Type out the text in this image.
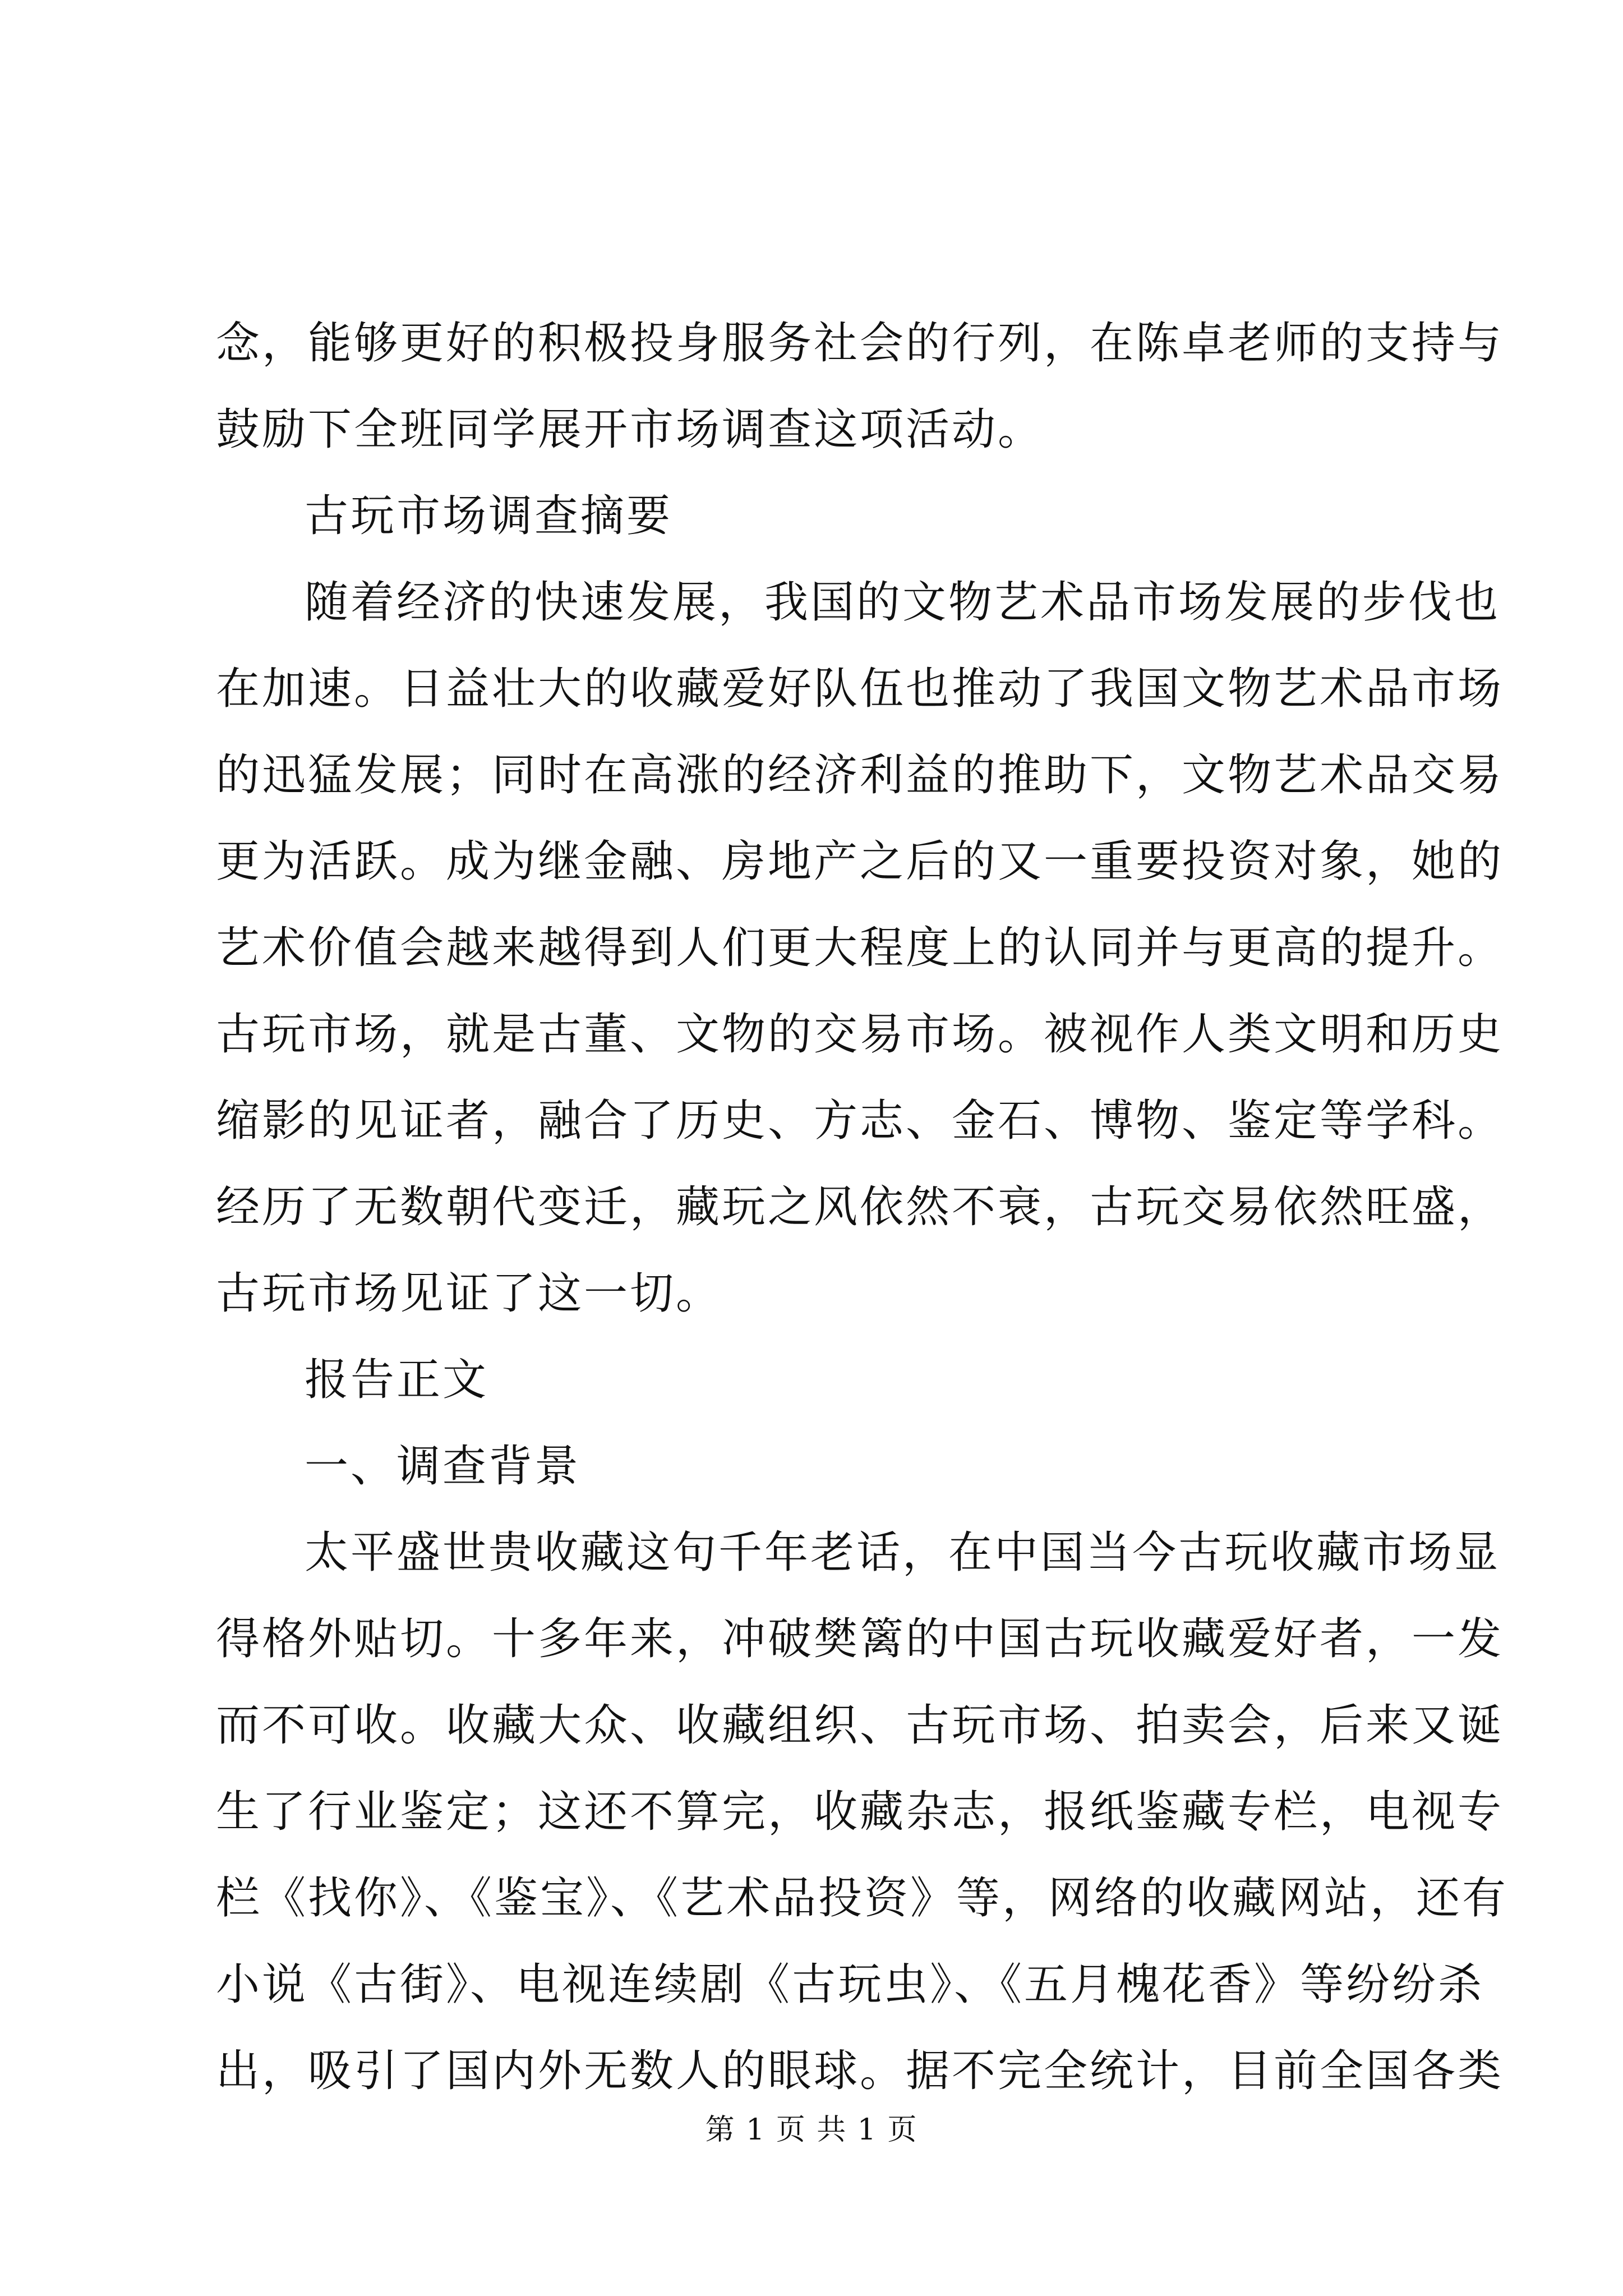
念，能够更好的积极投身服务社会的行列，在陈卓老师的支持与
鼓励下全班同学展开市场调查这项活动。
古玩市场调查摘要
随着经济的快速发展，我国的文物艺术品市场发展的步伐也
在加速。日益壮大的收藏爱好队伍也推动了我国文物艺术品市场
的迅猛发展；同时在高涨的经济利益的推助下，文物艺术品交易
更为活跃。成为继金融、房地产之后的又一重要投资对象，她的
艺术价值会越来越得到人们更大程度上的认同并与更高的提升。
古玩市场，就是古董、文物的交易市场。被视作人类文明和历史
缩影的见证者，融合了历史、方志、金石、博物、鉴定等学科。
经历了无数朝代变迁，藏玩之风依然不衰，古玩交易依然旺盛，
古玩市场见证了这一切。
报告正文
一、调查背景
太平盛世贵收藏这句千年老话，在中国当今古玩收藏市场显
得格外贴切。十多年来，冲破樊篱的中国古玩收藏爱好者，一发
而不可收。收藏大众、收藏组织、古玩市场、拍卖会，后来又诞
生了行业鉴定；这还不算完，收藏杂志，报纸鉴藏专栏，电视专
栏《找你》、《鉴宝》、《艺术品投资》等，网络的收藏网站，还有
小说《古街》、电视连续剧《古玩虫》、《五月槐花香》等纷纷杀
出，吸引了国内外无数人的眼球。据不完全统计，目前全国各类
第 1 页 共 1 页
